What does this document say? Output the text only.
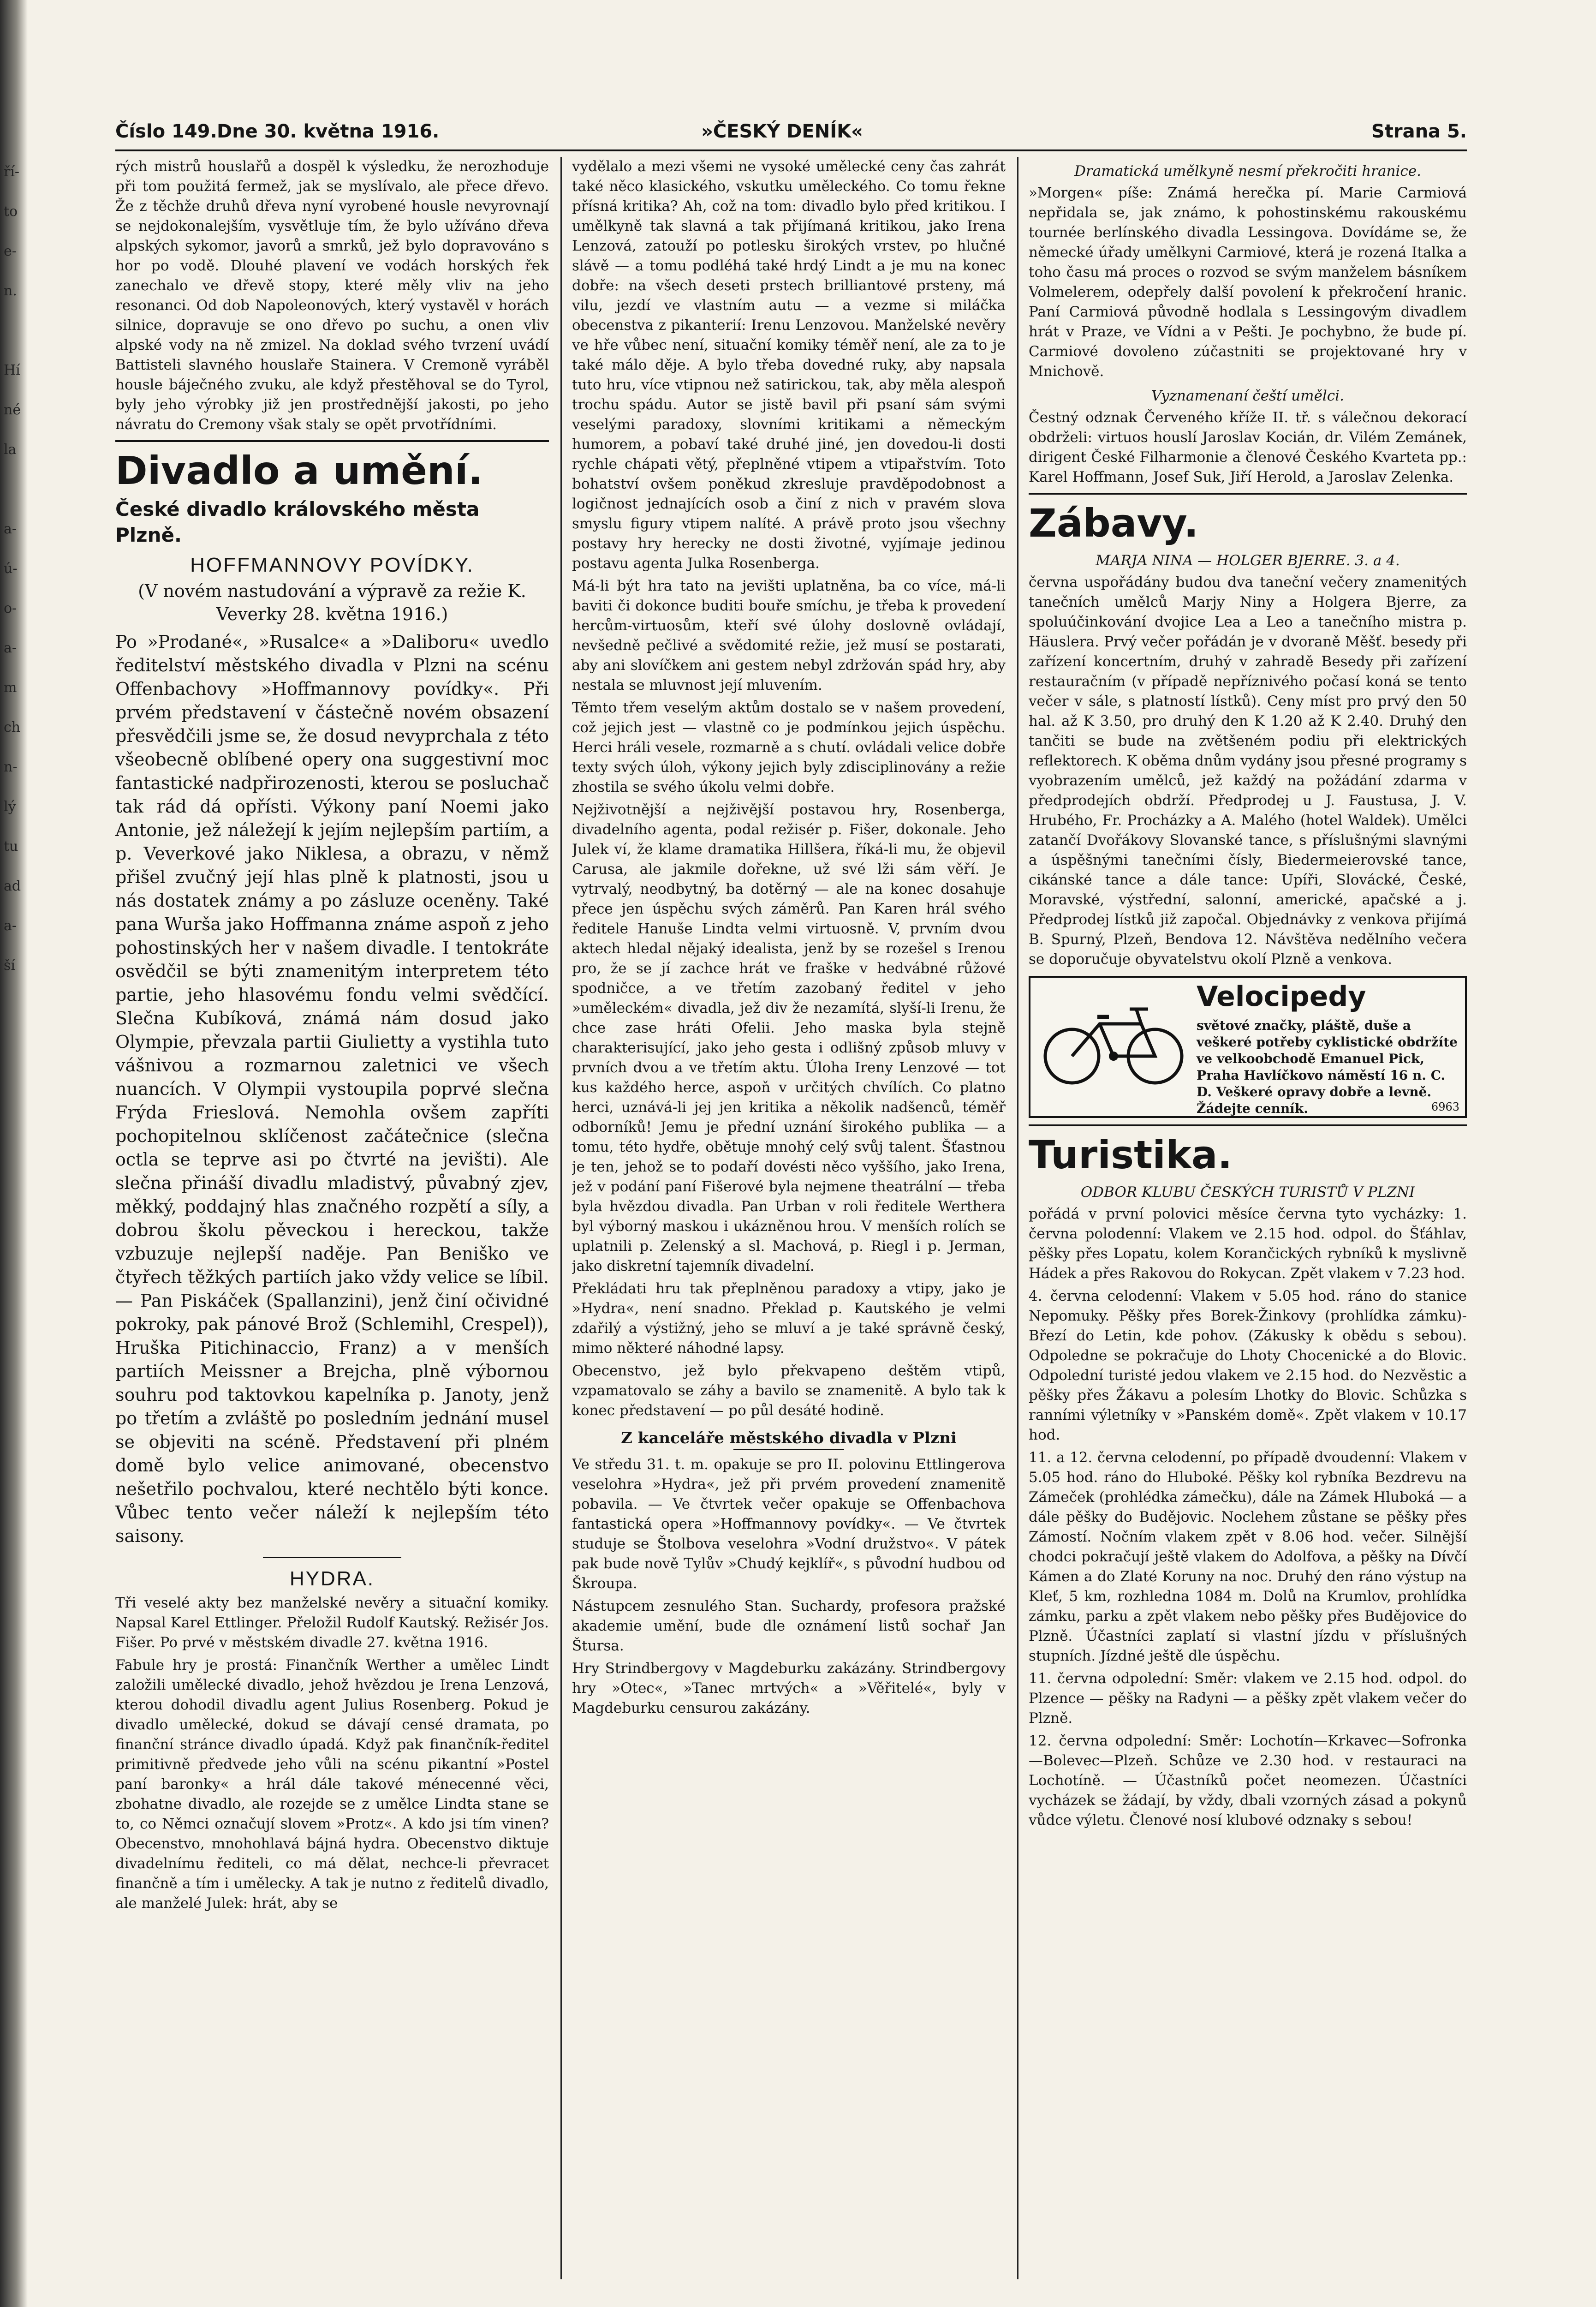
ří-
to
e-
n.

Hí
né
la

a-
ú-
o-
a-
m
ch
n-
lý
tu
ad
a-
ší
Číslo 149. Dne 30. května 1916.	»ČESKÝ DENÍK«	Strana 5.

rých mistrů houslařů a dospěl k výsledku, že nerozhoduje při tom použitá fermež, jak se myslívalo, ale přece dřevo. Že z těchže druhů dřeva nyní vyrobené housle nevyrovnají se nejdokonalejším, vysvětluje tím, že bylo užíváno dřeva alpských sykomor, javorů a smrků, jež bylo dopravováno s hor po vodě. Dlouhé plavení ve vodách horských řek zanechalo ve dřevě stopy, které měly vliv na jeho resonanci. Od dob Napoleonových, který vystavěl v horách silnice, dopravuje se ono dřevo po suchu, a onen vliv alpské vody na ně zmizel. Na doklad svého tvrzení uvádí Battisteli slavného houslaře Stainera. V Cremoně vyráběl housle báječného zvuku, ale když přestěhoval se do Tyrol, byly jeho výrobky již jen prostřednější jakosti, po jeho návratu do Cremony však staly se opět prvotřídními.

Divadlo a umění.
České divadlo královského města Plzně.
HOFFMANNOVY POVÍDKY.
(V novém nastudování a výpravě za režie K. Veverky 28. května 1916.)

Po »Prodané«, »Rusalce« a »Daliboru« uvedlo ředitelství městského divadla v Plzni na scénu Offenbachovy »Hoffmannovy povídky«. Při prvém představení v částečně novém obsazení přesvědčili jsme se, že dosud nevyprchala z této všeobecně oblíbené opery ona suggestivní moc fantastické nadpřirozenosti, kterou se posluchač tak rád dá opřísti. Výkony paní Noemi jako Antonie, jež náležejí k jejím nejlepším partiím, a p. Veverkové jako Niklesa, a obrazu, v němž přišel zvučný její hlas plně k platnosti, jsou u nás dostatek známy a po zásluze oceněny. Také pana Wurša jako Hoffmanna známe aspoň z jeho pohostinských her v našem divadle. I tentokráte osvědčil se býti znamenitým interpretem této partie, jeho hlasovému fondu velmi svědčící. Slečna Kubíková, známá nám dosud jako Olympie, převzala partii Giulietty a vystihla tuto vášnivou a rozmarnou zaletnici ve všech nuancích. V Olympii vystoupila poprvé slečna Frýda Frieslová. Nemohla ovšem zapříti pochopitelnou sklíčenost začátečnice (slečna octla se teprve asi po čtvrté na jevišti). Ale slečna přináší divadlu mladistvý, půvabný zjev, měkký, poddajný hlas značného rozpětí a síly, a dobrou školu pěveckou i hereckou, takže vzbuzuje nejlepší naděje. Pan Beniško ve čtyřech těžkých partiích jako vždy velice se líbil. — Pan Piskáček (Spallanzini), jenž činí očividné pokroky, pak pánové Brož (Schlemihl, Crespel)), Hruška Pitichinaccio, Franz) a v menších partiích Meissner a Brejcha, plně výbornou souhru pod taktovkou kapelníka p. Janoty, jenž po třetím a zvláště po posledním jednání musel se objeviti na scéně. Představení při plném domě bylo velice animované, obecenstvo nešetřilo pochvalou, které nechtělo býti konce. Vůbec tento večer náleží k nejlepším této saisony.

HYDRA.

Tři veselé akty bez manželské nevěry a situační komiky. Napsal Karel Ettlinger. Přeložil Rudolf Kautský. Režisér Jos. Fišer. Po prvé v městském divadle 27. května 1916.

Fabule hry je prostá: Finančník Werther a umělec Lindt založili umělecké divadlo, jehož hvězdou je Irena Lenzová, kterou dohodil divadlu agent Julius Rosenberg. Pokud je divadlo umělecké, dokud se dávají censé dramata, po finanční stránce divadlo úpadá. Když pak finančník-ředitel primitivně předvede jeho vůli na scénu pikantní »Postel paní baronky« a hrál dále takové ménecenné věci, zbohatne divadlo, ale rozejde se z umělce Lindta stane se to, co Němci označují slovem »Protz«. A kdo jsi tím vinen? Obecenstvo, mnohohlavá bájná hydra. Obecenstvo diktuje divadelnímu řediteli, co má dělat, nechce-li převracet finančně a tím i umělecky. A tak je nutno z ředitelů divadlo, ale manželé Julek: hrát, aby se

vydělalo a mezi všemi ne vysoké umělecké ceny čas zahrát také něco klasického, vskutku uměleckého. Co tomu řekne přísná kritika? Ah, což na tom: divadlo bylo před kritikou. I umělkyně tak slavná a tak přijímaná kritikou, jako Irena Lenzová, zatouží po potlesku širokých vrstev, po hlučné slávě — a tomu podléhá také hrdý Lindt a je mu na konec dobře: na všech deseti prstech brilliantové prsteny, má vilu, jezdí ve vlastním autu — a vezme si miláčka obecenstva z pikanterií: Irenu Lenzovou. Manželské nevěry ve hře vůbec není, situační komiky téměř není, ale za to je také málo děje. A bylo třeba dovedné ruky, aby napsala tuto hru, více vtipnou než satirickou, tak, aby měla alespoň trochu spádu. Autor se jistě bavil při psaní sám svými veselými paradoxy, slovními kritikami a německým humorem, a pobaví také druhé jiné, jen dovedou-li dosti rychle chápati větý, přeplněné vtipem a vtipařstvím. Toto bohatství ovšem poněkud zkresluje pravděpodobnost a logičnost jednajících osob a činí z nich v pravém slova smyslu figury vtipem nalíté. A právě proto jsou všechny postavy hry herecky ne dosti životné, vyjímaje jedinou postavu agenta Julka Rosenberga.

Má-li být hra tato na jevišti uplatněna, ba co více, má-li baviti či dokonce buditi bouře smíchu, je třeba k provedení hercům-virtuosům, kteří své úlohy doslovně ovládají, nevšedně pečlivé a svědomité režie, jež musí se postarati, aby ani slovíčkem ani gestem nebyl zdržován spád hry, aby nestala se mluvnost její mluvením.

Těmto třem veselým aktům dostalo se v našem provedení, což jejich jest — vlastně co je podmínkou jejich úspěchu. Herci hráli vesele, rozmarně a s chutí. ovládali velice dobře texty svých úloh, výkony jejich byly zdisciplinovány a režie zhostila se svého úkolu velmi dobře.

Nejživotnější a nejživější postavou hry, Rosenberga, divadelního agenta, podal režisér p. Fišer, dokonale. Jeho Julek ví, že klame dramatika Hillšera, říká-li mu, že objevil Carusa, ale jakmile dořekne, už své lži sám věří. Je vytrvalý, neodbytný, ba dotěrný — ale na konec dosahuje přece jen úspěchu svých záměrů. Pan Karen hrál svého ředitele Hanuše Lindta velmi virtuosně. V, prvním dvou aktech hledal nějaký idealista, jenž by se rozešel s Irenou pro, že se jí zachce hrát ve fraške v hedvábné růžové spodničce, a ve třetím zazobaný ředitel v jeho »uměleckém« divadla, jež div že nezamítá, slyší-li Irenu, že chce zase hráti Ofelii. Jeho maska byla stejně charakterisující, jako jeho gesta i odlišný způsob mluvy v prvních dvou a ve třetím aktu. Úloha Ireny Lenzové — tot kus každého herce, aspoň v určitých chvílích. Co platno herci, uznává-li jej jen kritika a několik nadšenců, téměř odborníků! Jemu je přední uznání širokého publika — a tomu, této hydře, obětuje mnohý celý svůj talent. Šťastnou je ten, jehož se to podaří dovésti něco vyššího, jako Irena, jež v podání paní Fišerové byla nejmene theatrální — třeba byla hvězdou divadla. Pan Urban v roli ředitele Werthera byl výborný maskou i ukázněnou hrou. V menších rolích se uplatnili p. Zelenský a sl. Machová, p. Riegl i p. Jerman, jako diskretní tajemník divadelní.

Překládati hru tak přeplněnou paradoxy a vtipy, jako je »Hydra«, není snadno. Překlad p. Kautského je velmi zdařilý a výstižný, jeho se mluví a je také správně český, mimo některé náhodné lapsy.

Obecenstvo, jež bylo překvapeno deštěm vtipů, vzpamatovalo se záhy a bavilo se znamenitě. A bylo tak k konec představení — po půl desáté hodině.

Z kanceláře městského divadla v Plzni

Ve středu 31. t. m. opakuje se pro II. polovinu Ettlingerova veselohra »Hydra«, jež při prvém provedení znamenitě pobavila. — Ve čtvrtek večer opakuje se Offenbachova fantastická opera »Hoffmannovy povídky«. — Ve čtvrtek studuje se Štolbova veselohra »Vodní družstvo«. V pátek pak bude nově Tylův »Chudý kejklíř«, s původní hudbou od Škroupa.

Nástupcem zesnulého Stan. Suchardy, profesora pražské akademie umění, bude dle oznámení listů sochař Jan Štursa.

Hry Strindbergovy v Magdeburku zakázány. Strindbergovy hry »Otec«, »Tanec mrtvých« a »Věřitelé«, byly v Magdeburku censurou zakázány.

Dramatická umělkyně nesmí překročiti hranice.

»Morgen« píše: Známá herečka pí. Marie Carmiová nepřidala se, jak známo, k pohostinskému rakouskému tournée berlínského divadla Lessingova. Dovídáme se, že německé úřady umělkyni Carmiové, která je rozená Italka a toho času má proces o rozvod se svým manželem básníkem Volmelerem, odepřely další povolení k překročení hranic. Paní Carmiová původně hodlala s Lessingovým divadlem hrát v Praze, ve Vídni a v Pešti. Je pochybno, že bude pí. Carmiové dovoleno zúčastniti se projektované hry v Mnichově.

Vyznamenaní čeští umělci.

Čestný odznak Červeného kříže II. tř. s válečnou dekorací obdrželi: virtuos houslí Jaroslav Kocián, dr. Vilém Zemánek, dirigent České Filharmonie a členové Českého Kvarteta pp.: Karel Hoffmann, Josef Suk, Jiří Herold, a Jaroslav Zelenka.

Zábavy.
MARJA NINA — HOLGER BJERRE. 3. a 4.

června uspořádány budou dva taneční večery znamenitých tanečních umělců Marjy Niny a Holgera Bjerre, za spoluúčinkování dvojice Lea a Leo a tanečního mistra p. Häuslera. Prvý večer pořádán je v dvoraně Měšť. besedy při zařízení koncertním, druhý v zahradě Besedy při zařízení restauračním (v případě nepříznivého počasí koná se tento večer v sále, s platností lístků). Ceny míst pro prvý den 50 hal. až K 3.50, pro druhý den K 1.20 až K 2.40. Druhý den tančiti se bude na zvětšeném podiu při elektrických reflektorech. K oběma dnům vydány jsou přesné programy s vyobrazením umělců, jež každý na požádání zdarma v předprodejích obdrží. Předprodej u J. Faustusa, J. V. Hrubého, Fr. Procházky a A. Malého (hotel Waldek). Umělci zatančí Dvořákovy Slovanské tance, s příslušnými slavnými a úspěšnými tanečními čísly, Biedermeierovské tance, cikánské tance a dále tance: Upíři, Slovácké, České, Moravské, výstřední, salonní, americké, apačské a j. Předprodej lístků již započal. Objednávky z venkova přijímá B. Spurný, Plzeň, Bendova 12. Návštěva nedělního večera se doporučuje obyvatelstvu okolí Plzně a venkova.

Velocipedy
světové značky, pláště, duše a veškeré potřeby cyklistické obdržíte ve velkoobchodě Emanuel Pick, Praha Havlíčkovo náměstí 16 n. C. D. Veškeré opravy dobře a levně. Žádejte cenník.	6963
Turistika.
ODBOR KLUBU ČESKÝCH TURISTŮ V PLZNI

pořádá v první polovici měsíce června tyto vycházky: 1. června polodenní: Vlakem ve 2.15 hod. odpol. do Šťáhlav, pěšky přes Lopatu, kolem Korančických rybníků k myslivně Hádek a přes Rakovou do Rokycan. Zpět vlakem v 7.23 hod.

4. června celodenní: Vlakem v 5.05 hod. ráno do stanice Nepomuky. Pěšky přes Borek-Žinkovy (prohlídka zámku)-Březí do Letin, kde pohov. (Zákusky k obědu s sebou). Odpoledne se pokračuje do Lhoty Chocenické a do Blovic. Odpolední turisté jedou vlakem ve 2.15 hod. do Nezvěstic a pěšky přes Žákavu a polesím Lhotky do Blovic. Schůzka s ranními výletníky v »Panském domě«. Zpět vlakem v 10.17 hod.

11. a 12. června celodenní, po případě dvoudenní: Vlakem v 5.05 hod. ráno do Hluboké. Pěšky kol rybníka Bezdrevu na Zámeček (prohlédka zámečku), dále na Zámek Hluboká — a dále pěšky do Budějovic. Noclehem zůstane se pěšky přes Zámostí. Nočním vlakem zpět v 8.06 hod. večer. Silnější chodci pokračují ještě vlakem do Adolfova, a pěšky na Dívčí Kámen a do Zlaté Koruny na noc. Druhý den ráno výstup na Kleť, 5 km, rozhledna 1084 m. Dolů na Krumlov, prohlídka zámku, parku a zpět vlakem nebo pěšky přes Budějovice do Plzně. Účastníci zaplatí si vlastní jízdu v příslušných stupních. Jízdné ještě dle úspěchu.

11. června odpolední: Směr: vlakem ve 2.15 hod. odpol. do Plzence — pěšky na Radyni — a pěšky zpět vlakem večer do Plzně.

12. června odpolední: Směr: Lochotín—Krkavec—Sofronka—Bolevec—Plzeň. Schůze ve 2.30 hod. v restauraci na Lochotíně. — Účastníků počet neomezen. Účastníci vycházek se žádají, by vždy, dbali vzorných zásad a pokynů vůdce výletu. Členové nosí klubové odznaky s sebou!
